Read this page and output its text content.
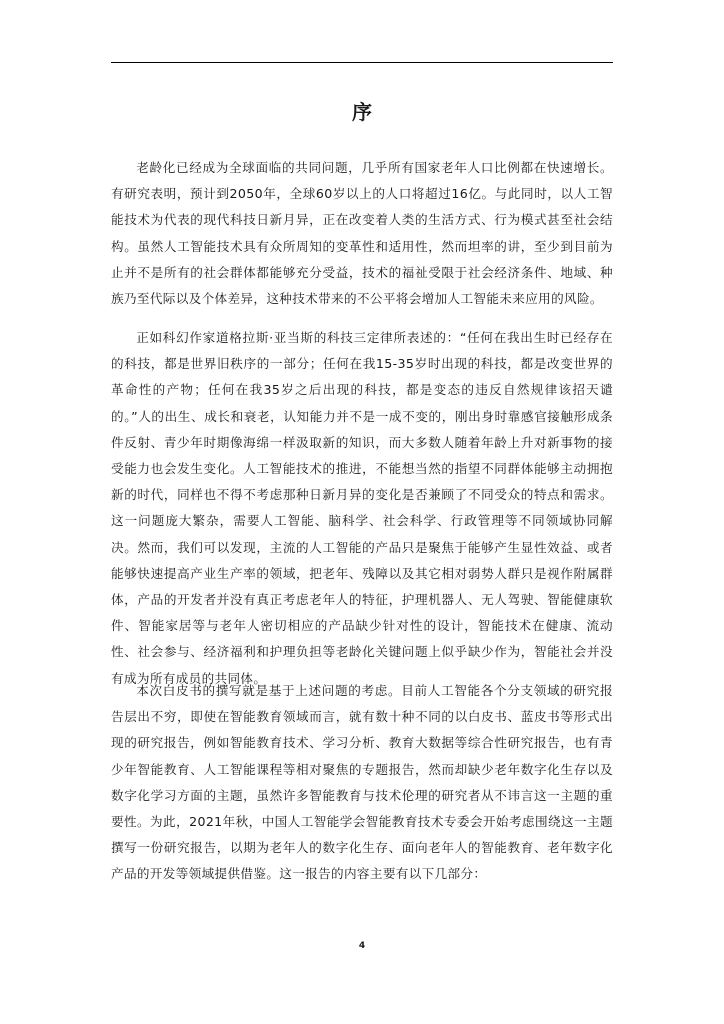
序

老龄化已经成为全球面临的共同问题，几乎所有国家老年人口比例都在快速增长。有研究表明，预计到2050年，全球60岁以上的人口将超过16亿。与此同时，以人工智能技术为代表的现代科技日新月异，正在改变着人类的生活方式、行为模式甚至社会结构。虽然人工智能技术具有众所周知的变革性和适用性，然而坦率的讲，至少到目前为止并不是所有的社会群体都能够充分受益，技术的福祉受限于社会经济条件、地域、种族乃至代际以及个体差异，这种技术带来的不公平将会增加人工智能未来应用的风险。

正如科幻作家道格拉斯·亚当斯的科技三定律所表述的：“任何在我出生时已经存在的科技，都是世界旧秩序的一部分；任何在我15-35岁时出现的科技，都是改变世界的革命性的产物；任何在我35岁之后出现的科技，都是变态的违反自然规律该招天谴的。”人的出生、成长和衰老，认知能力并不是一成不变的，刚出身时靠感官接触形成条件反射、青少年时期像海绵一样汲取新的知识，而大多数人随着年龄上升对新事物的接受能力也会发生变化。人工智能技术的推进，不能想当然的指望不同群体能够主动拥抱新的时代，同样也不得不考虑那种日新月异的变化是否兼顾了不同受众的特点和需求。这一问题庞大繁杂，需要人工智能、脑科学、社会科学、行政管理等不同领域协同解决。然而，我们可以发现，主流的人工智能的产品只是聚焦于能够产生显性效益、或者能够快速提高产业生产率的领域，把老年、残障以及其它相对弱势人群只是视作附属群体，产品的开发者并没有真正考虑老年人的特征，护理机器人、无人驾驶、智能健康软件、智能家居等与老年人密切相应的产品缺少针对性的设计，智能技术在健康、流动性、社会参与、经济福利和护理负担等老龄化关键问题上似乎缺少作为，智能社会并没有成为所有成员的共同体。

本次白皮书的撰写就是基于上述问题的考虑。目前人工智能各个分支领域的研究报告层出不穷，即使在智能教育领域而言，就有数十种不同的以白皮书、蓝皮书等形式出现的研究报告，例如智能教育技术、学习分析、教育大数据等综合性研究报告，也有青少年智能教育、人工智能课程等相对聚焦的专题报告，然而却缺少老年数字化生存以及数字化学习方面的主题，虽然许多智能教育与技术伦理的研究者从不讳言这一主题的重要性。为此，2021年秋，中国人工智能学会智能教育技术专委会开始考虑围绕这一主题撰写一份研究报告，以期为老年人的数字化生存、面向老年人的智能教育、老年数字化产品的开发等领域提供借鉴。这一报告的内容主要有以下几部分：

4
